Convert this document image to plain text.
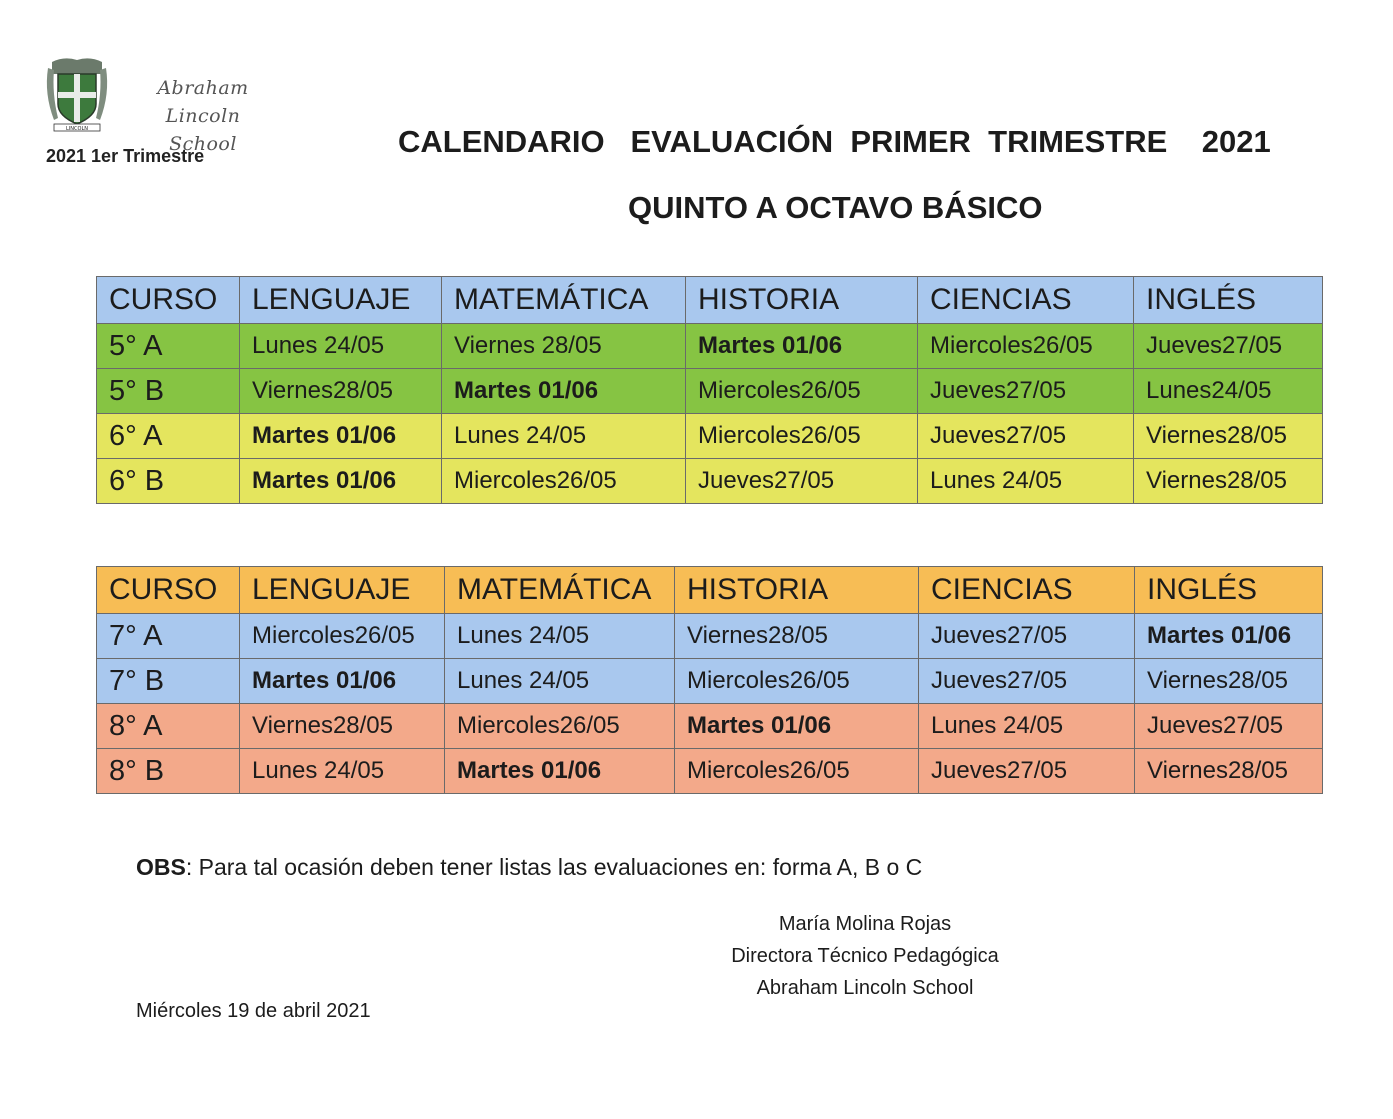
LINCOLN
Abraham Lincoln
School
2021 1er Trimestre	CALENDARIO   EVALUACIÓN  PRIMER  TRIMESTRE    2021
QUINTO A OCTAVO BÁSICO
CURSO	LENGUAJE	MATEMÁTICA	HISTORIA	CIENCIAS	INGLÉS
5° A	Lunes 24/05	Viernes 28/05	Martes 01/06	Miercoles26/05	Jueves27/05
5° B	Viernes28/05	Martes 01/06	Miercoles26/05	Jueves27/05	Lunes24/05
6° A	Martes 01/06	Lunes 24/05	Miercoles26/05	Jueves27/05	Viernes28/05
6° B	Martes 01/06	Miercoles26/05	Jueves27/05	Lunes 24/05	Viernes28/05
CURSO	LENGUAJE	MATEMÁTICA	HISTORIA	CIENCIAS	INGLÉS
7° A	Miercoles26/05	Lunes 24/05	Viernes28/05	Jueves27/05	Martes 01/06
7° B	Martes 01/06	Lunes 24/05	Miercoles26/05	Jueves27/05	Viernes28/05
8° A	Viernes28/05	Miercoles26/05	Martes 01/06	Lunes 24/05	Jueves27/05
8° B	Lunes 24/05	Martes 01/06	Miercoles26/05	Jueves27/05	Viernes28/05
OBS: Para tal ocasión deben tener listas las evaluaciones en: forma A, B o C
María Molina Rojas
Directora Técnico Pedagógica
Abraham Lincoln School
Miércoles 19 de abril 2021
